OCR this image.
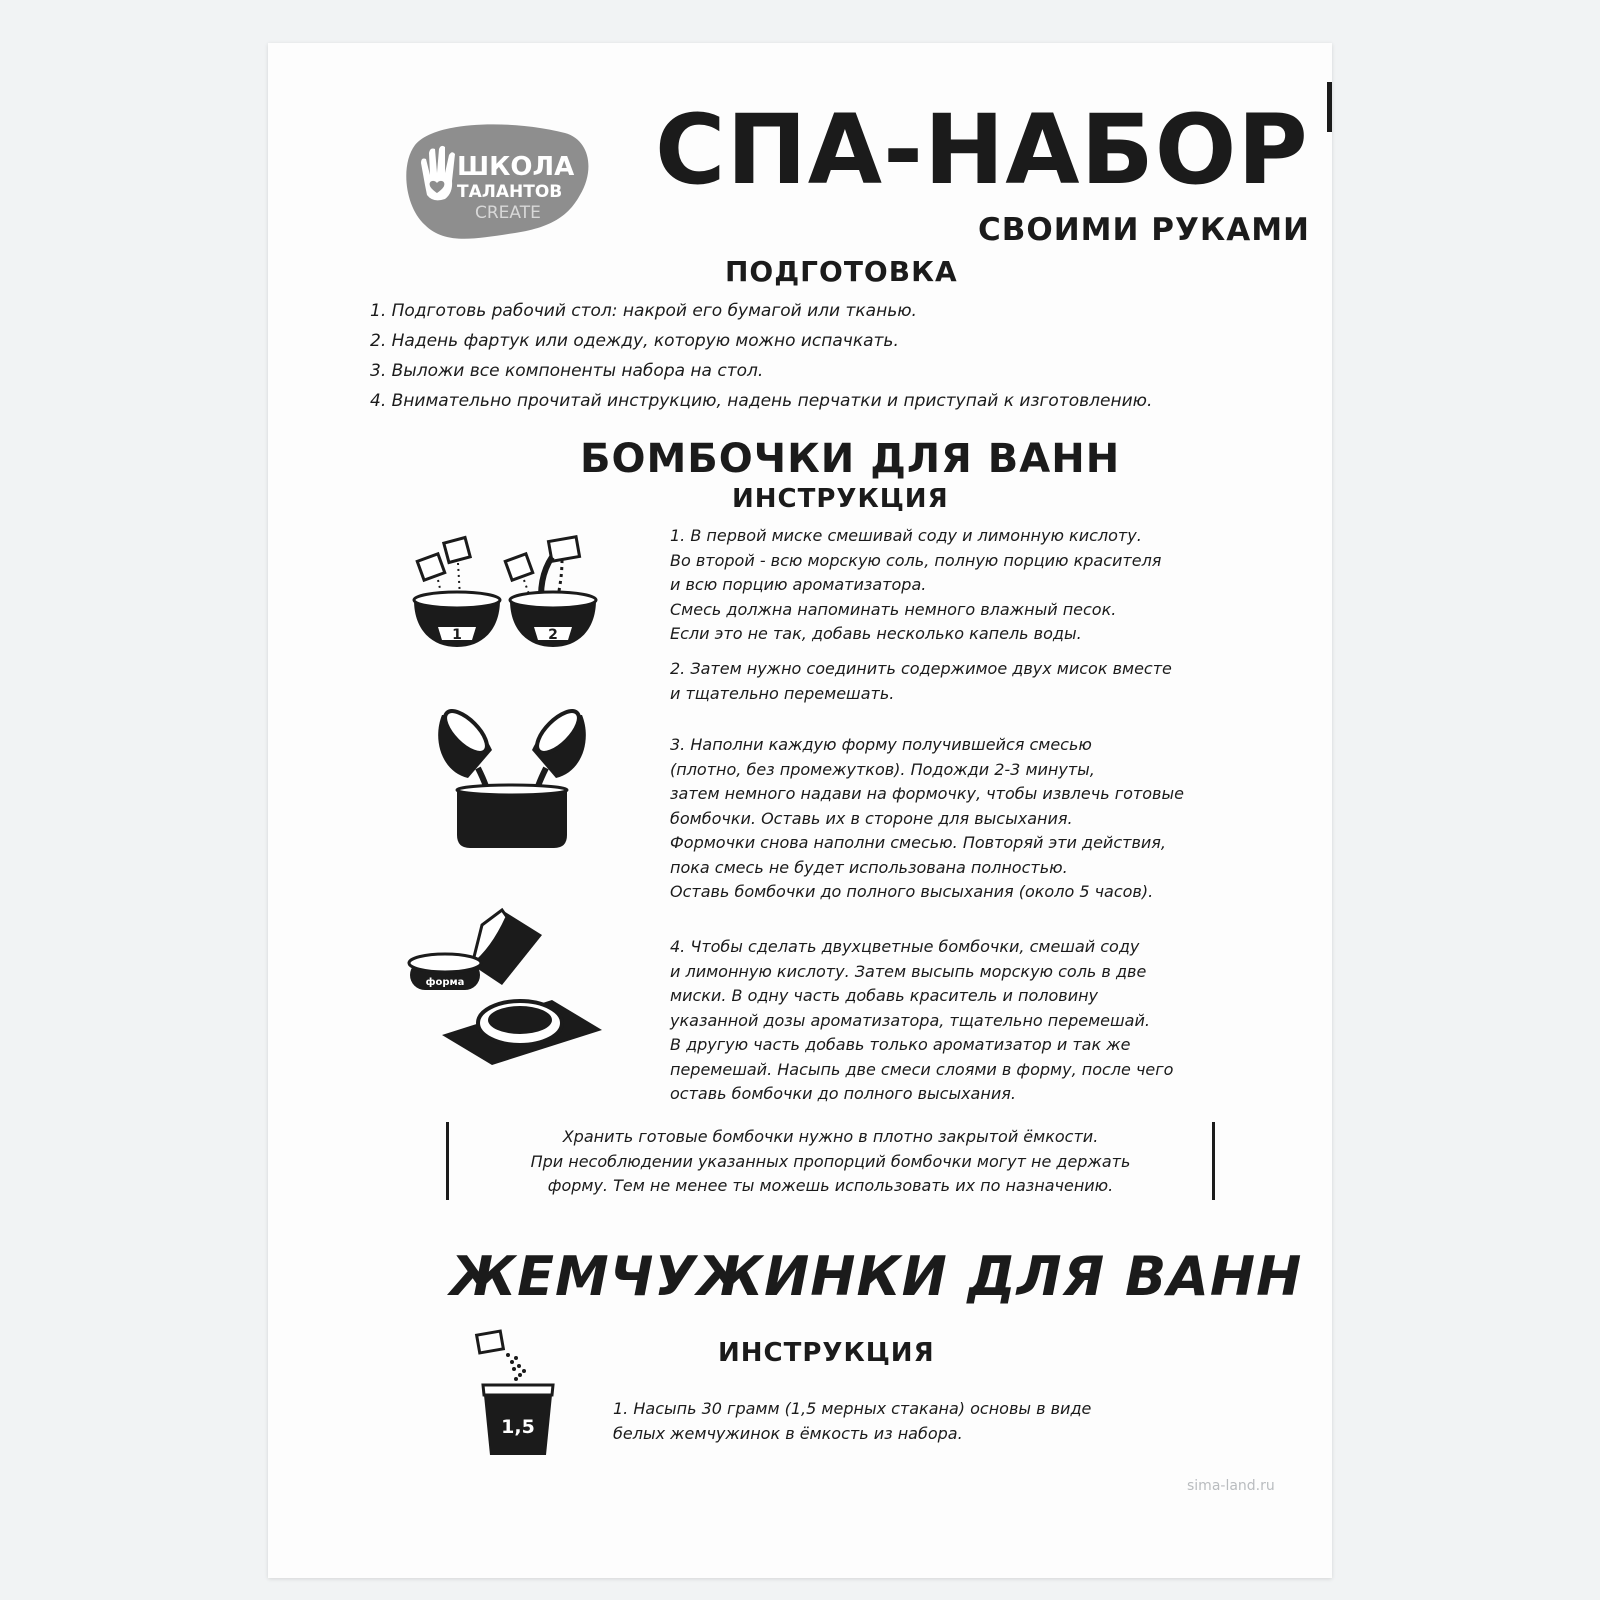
ШКОЛА
ТАЛАНТОВ
CREATE
СПА-НАБОР
СВОИМИ РУКАМИ
ПОДГОТОВКА
1. Подготовь рабочий стол: накрой его бумагой или тканью.
2. Надень фартук или одежду, которую можно испачкать.
3. Выложи все компоненты набора на стол.
4. Внимательно прочитай инструкцию, надень перчатки и приступай к изготовлению.
БОМБОЧКИ ДЛЯ ВАНН
ИНСТРУКЦИЯ
1	2
форма

1. В первой миске смешивай соду и лимонную кислоту.
Во второй - всю морскую соль, полную порцию красителя
и всю порцию ароматизатора.
Смесь должна напоминать немного влажный песок.
Если это не так, добавь несколько капель воды.

2. Затем нужно соединить содержимое двух мисок вместе
и тщательно перемешать.

3. Наполни каждую форму получившейся смесью
(плотно, без промежутков). Подожди 2-3 минуты,
затем немного надави на формочку, чтобы извлечь готовые
бомбочки. Оставь их в стороне для высыхания.
Формочки снова наполни смесью. Повторяй эти действия,
пока смесь не будет использована полностью.
Оставь бомбочки до полного высыхания (около 5 часов).

4. Чтобы сделать двухцветные бомбочки, смешай соду
и лимонную кислоту. Затем высыпь морскую соль в две
миски. В одну часть добавь краситель и половину
указанной дозы ароматизатора, тщательно перемешай.
В другую часть добавь только ароматизатор и так же
перемешай. Насыпь две смеси слоями в форму, после чего
оставь бомбочки до полного высыхания.

Хранить готовые бомбочки нужно в плотно закрытой ёмкости.
При несоблюдении указанных пропорций бомбочки могут не держать
форму. Тем не менее ты можешь использовать их по назначению.

ЖЕМЧУЖИНКИ ДЛЯ ВАНН
ИНСТРУКЦИЯ
1,5

1. Насыпь 30 грамм (1,5 мерных стакана) основы в виде
белых жемчужинок в ёмкость из набора.

sima-land.ru
